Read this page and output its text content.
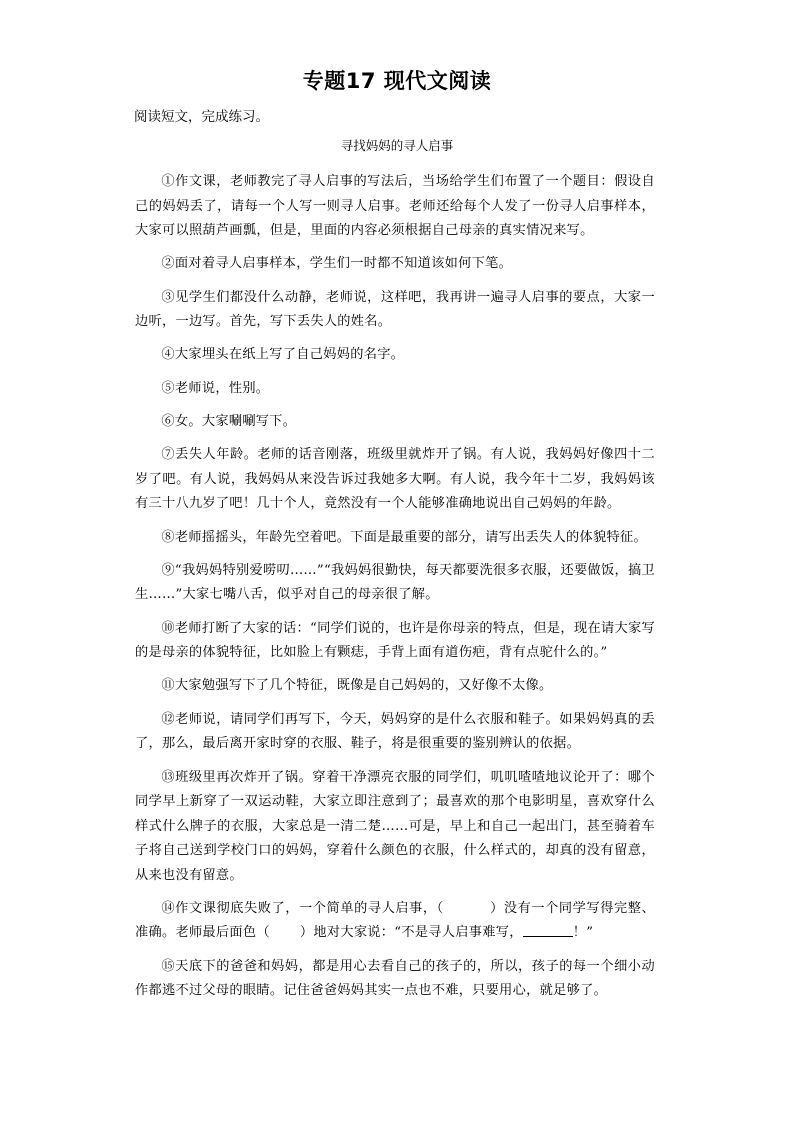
专题17 现代文阅读
阅读短文，完成练习。
寻找妈妈的寻人启事

①作文课，老师教完了寻人启事的写法后，当场给学生们布置了一个题目：假设自己的妈妈丢了，请每一个人写一则寻人启事。老师还给每个人发了一份寻人启事样本，大家可以照葫芦画瓢，但是，里面的内容必须根据自己母亲的真实情况来写。

②面对着寻人启事样本，学生们一时都不知道该如何下笔。

③见学生们都没什么动静，老师说，这样吧，我再讲一遍寻人启事的要点，大家一边听，一边写。首先，写下丢失人的姓名。

④大家埋头在纸上写了自己妈妈的名字。

⑤老师说，性别。

⑥女。大家唰唰写下。

⑦丢失人年龄。老师的话音刚落，班级里就炸开了锅。有人说，我妈妈好像四十二岁了吧。有人说，我妈妈从来没告诉过我她多大啊。有人说，我今年十二岁，我妈妈该有三十八九岁了吧！几十个人，竟然没有一个人能够准确地说出自己妈妈的年龄。

⑧老师摇摇头，年龄先空着吧。下面是最重要的部分，请写出丢失人的体貌特征。

⑨“我妈妈特别爱唠叨……”“我妈妈很勤快，每天都要洗很多衣服，还要做饭，搞卫生……”大家七嘴八舌，似乎对自己的母亲很了解。

⑩老师打断了大家的话：“同学们说的，也许是你母亲的特点，但是，现在请大家写的是母亲的体貌特征，比如脸上有颗痣，手背上面有道伤疤，背有点驼什么的。”

⑪大家勉强写下了几个特征，既像是自己妈妈的，又好像不太像。

⑫老师说，请同学们再写下，今天，妈妈穿的是什么衣服和鞋子。如果妈妈真的丢了，那么，最后离开家时穿的衣服、鞋子，将是很重要的鉴别辨认的依据。

⑬班级里再次炸开了锅。穿着干净漂亮衣服的同学们，叽叽喳喳地议论开了：哪个同学早上新穿了一双运动鞋，大家立即注意到了；最喜欢的那个电影明星，喜欢穿什么样式什么牌子的衣服，大家总是一清二楚……可是，早上和自己一起出门，甚至骑着车子将自己送到学校门口的妈妈，穿着什么颜色的衣服，什么样式的，却真的没有留意，从来也没有留意。

⑭作文课彻底失败了，一个简单的寻人启事，（	）没有一个同学写得完整、准确。老师最后面色（ ）地对大家说：“不是寻人启事难写，	！”

⑮天底下的爸爸和妈妈，都是用心去看自己的孩子的，所以，孩子的每一个细小动作都逃不过父母的眼睛。记住爸爸妈妈其实一点也不难，只要用心，就足够了。
